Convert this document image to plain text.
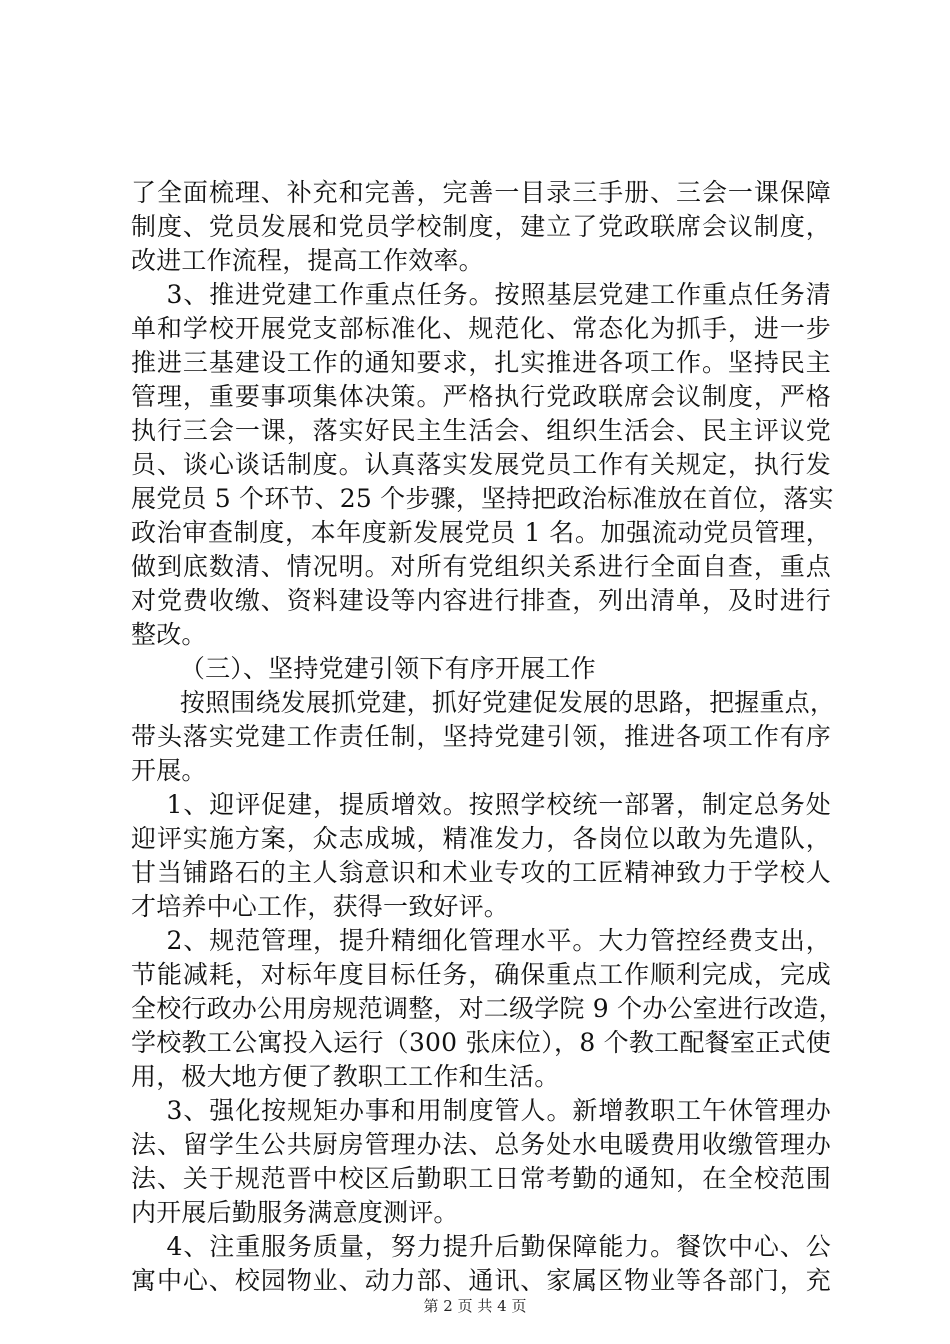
了全面梳理、补充和完善，完善一目录三手册、三会一课保障
制度、党员发展和党员学校制度，建立了党政联席会议制度，
改进工作流程，提高工作效率。
3、推进党建工作重点任务。按照基层党建工作重点任务清
单和学校开展党支部标准化、规范化、常态化为抓手，进一步
推进三基建设工作的通知要求，扎实推进各项工作。坚持民主
管理，重要事项集体决策。严格执行党政联席会议制度，严格
执行三会一课，落实好民主生活会、组织生活会、民主评议党
员、谈心谈话制度。认真落实发展党员工作有关规定，执行发
展党员 5 个环节、25 个步骤，坚持把政治标准放在首位，落实
政治审查制度，本年度新发展党员 1 名。加强流动党员管理，
做到底数清、情况明。对所有党组织关系进行全面自查，重点
对党费收缴、资料建设等内容进行排查，列出清单，及时进行
整改。
（三）、坚持党建引领下有序开展工作
按照围绕发展抓党建，抓好党建促发展的思路，把握重点，
带头落实党建工作责任制，坚持党建引领，推进各项工作有序
开展。
1、迎评促建，提质增效。按照学校统一部署，制定总务处
迎评实施方案，众志成城，精准发力，各岗位以敢为先遣队，
甘当铺路石的主人翁意识和术业专攻的工匠精神致力于学校人
才培养中心工作，获得一致好评。
2、规范管理，提升精细化管理水平。大力管控经费支出，
节能减耗，对标年度目标任务，确保重点工作顺利完成，完成
全校行政办公用房规范调整，对二级学院 9 个办公室进行改造，
学校教工公寓投入运行（300 张床位），8 个教工配餐室正式使
用，极大地方便了教职工工作和生活。
3、强化按规矩办事和用制度管人。新增教职工午休管理办
法、留学生公共厨房管理办法、总务处水电暖费用收缴管理办
法、关于规范晋中校区后勤职工日常考勤的通知，在全校范围
内开展后勤服务满意度测评。
4、注重服务质量，努力提升后勤保障能力。餐饮中心、公
寓中心、校园物业、动力部、通讯、家属区物业等各部门，充
第 2 页 共 4 页
